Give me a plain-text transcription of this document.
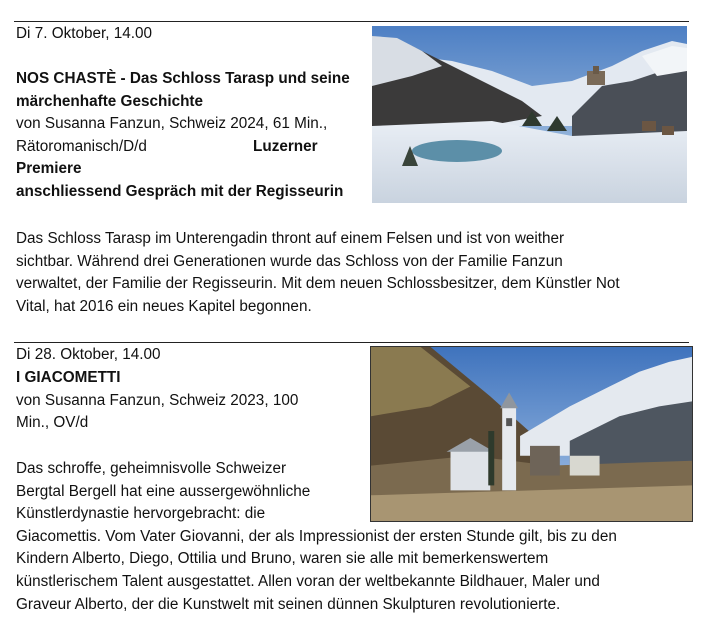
Di 7. Oktober, 14.00
NOS CHASTÈ - Das Schloss Tarasp und seine
märchenhafte Geschichte
von Susanna Fanzun, Schweiz 2024, 61 Min.,
Rätoromanisch/D/d	Luzerner
Premiere
anschliessend Gespräch mit der Regisseurin
Das Schloss Tarasp im Unterengadin thront auf einem Felsen und ist von weither
sichtbar. Während drei Generationen wurde das Schloss von der Familie Fanzun
verwaltet, der Familie der Regisseurin. Mit dem neuen Schlossbesitzer, dem Künstler Not
Vital, hat 2016 ein neues Kapitel begonnen.
Di 28. Oktober, 14.00
I GIACOMETTI
von Susanna Fanzun, Schweiz 2023, 100
Min., OV/d
Das schroffe, geheimnisvolle Schweizer
Bergtal Bergell hat eine aussergewöhnliche
Künstlerdynastie hervorgebracht: die
Giacomettis. Vom Vater Giovanni, der als Impressionist der ersten Stunde gilt, bis zu den
Kindern Alberto, Diego, Ottilia und Bruno, waren sie alle mit bemerkenswertem
künstlerischem Talent ausgestattet. Allen voran der weltbekannte Bildhauer, Maler und
Graveur Alberto, der die Kunstwelt mit seinen dünnen Skulpturen revolutionierte.
